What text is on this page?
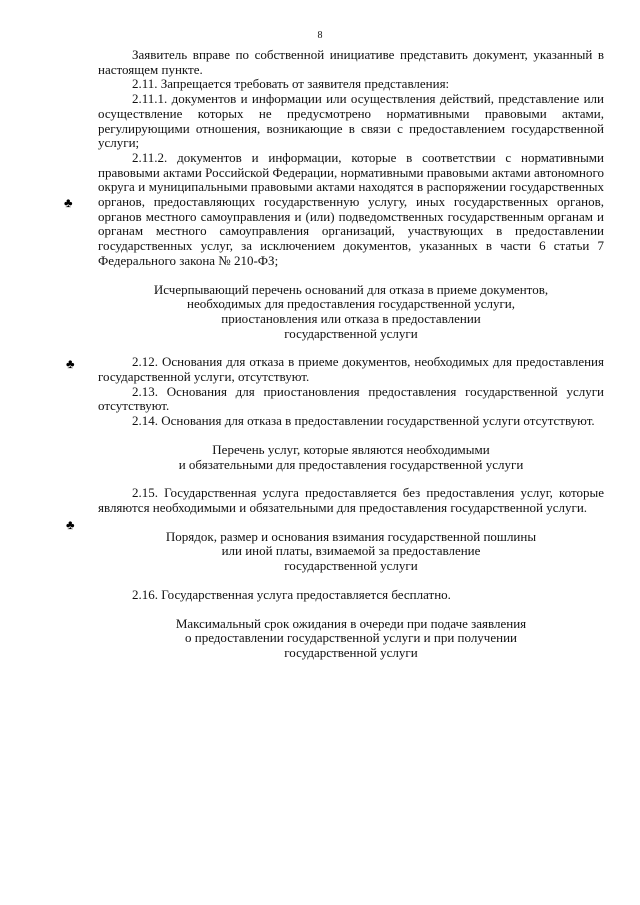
8
♣
♣
♣

Заявитель вправе по собственной инициативе представить документ, указанный в настоящем пункте.

2.11. Запрещается требовать от заявителя представления:

2.11.1. документов и информации или осуществления действий, представление или осуществление которых не предусмотрено нормативными правовыми актами, регулирующими отношения, возникающие в связи с предоставлением государственной услуги;

2.11.2. документов и информации, которые в соответствии с нормативными правовыми актами Российской Федерации, нормативными правовыми актами автономного округа и муниципальными правовыми актами находятся в распоряжении государственных органов, предоставляющих государственную услугу, иных государственных органов, органов местного самоуправления и (или) подведомственных государственным органам и органам местного самоуправления организаций, участвующих в предоставлении государственных услуг, за исключением документов, указанных в части 6 статьи 7 Федерального закона № 210-ФЗ;

Исчерпывающий перечень оснований для отказа в приеме документов,
необходимых для предоставления государственной услуги,
приостановления или отказа в предоставлении
государственной услуги

2.12. Основания для отказа в приеме документов, необходимых для предоставления государственной услуги, отсутствуют.

2.13. Основания для приостановления предоставления государственной услуги отсутствуют.

2.14. Основания для отказа в предоставлении государственной услуги отсутствуют.

Перечень услуг, которые являются необходимыми
и обязательными для предоставления государственной услуги

2.15. Государственная услуга предоставляется без предоставления услуг, которые являются необходимыми и обязательными для предоставления государственной услуги.

Порядок, размер и основания взимания государственной пошлины
или иной платы, взимаемой за предоставление
государственной услуги

2.16. Государственная услуга предоставляется бесплатно.

Максимальный срок ожидания в очереди при подаче заявления
о предоставлении государственной услуги и при получении
государственной услуги
